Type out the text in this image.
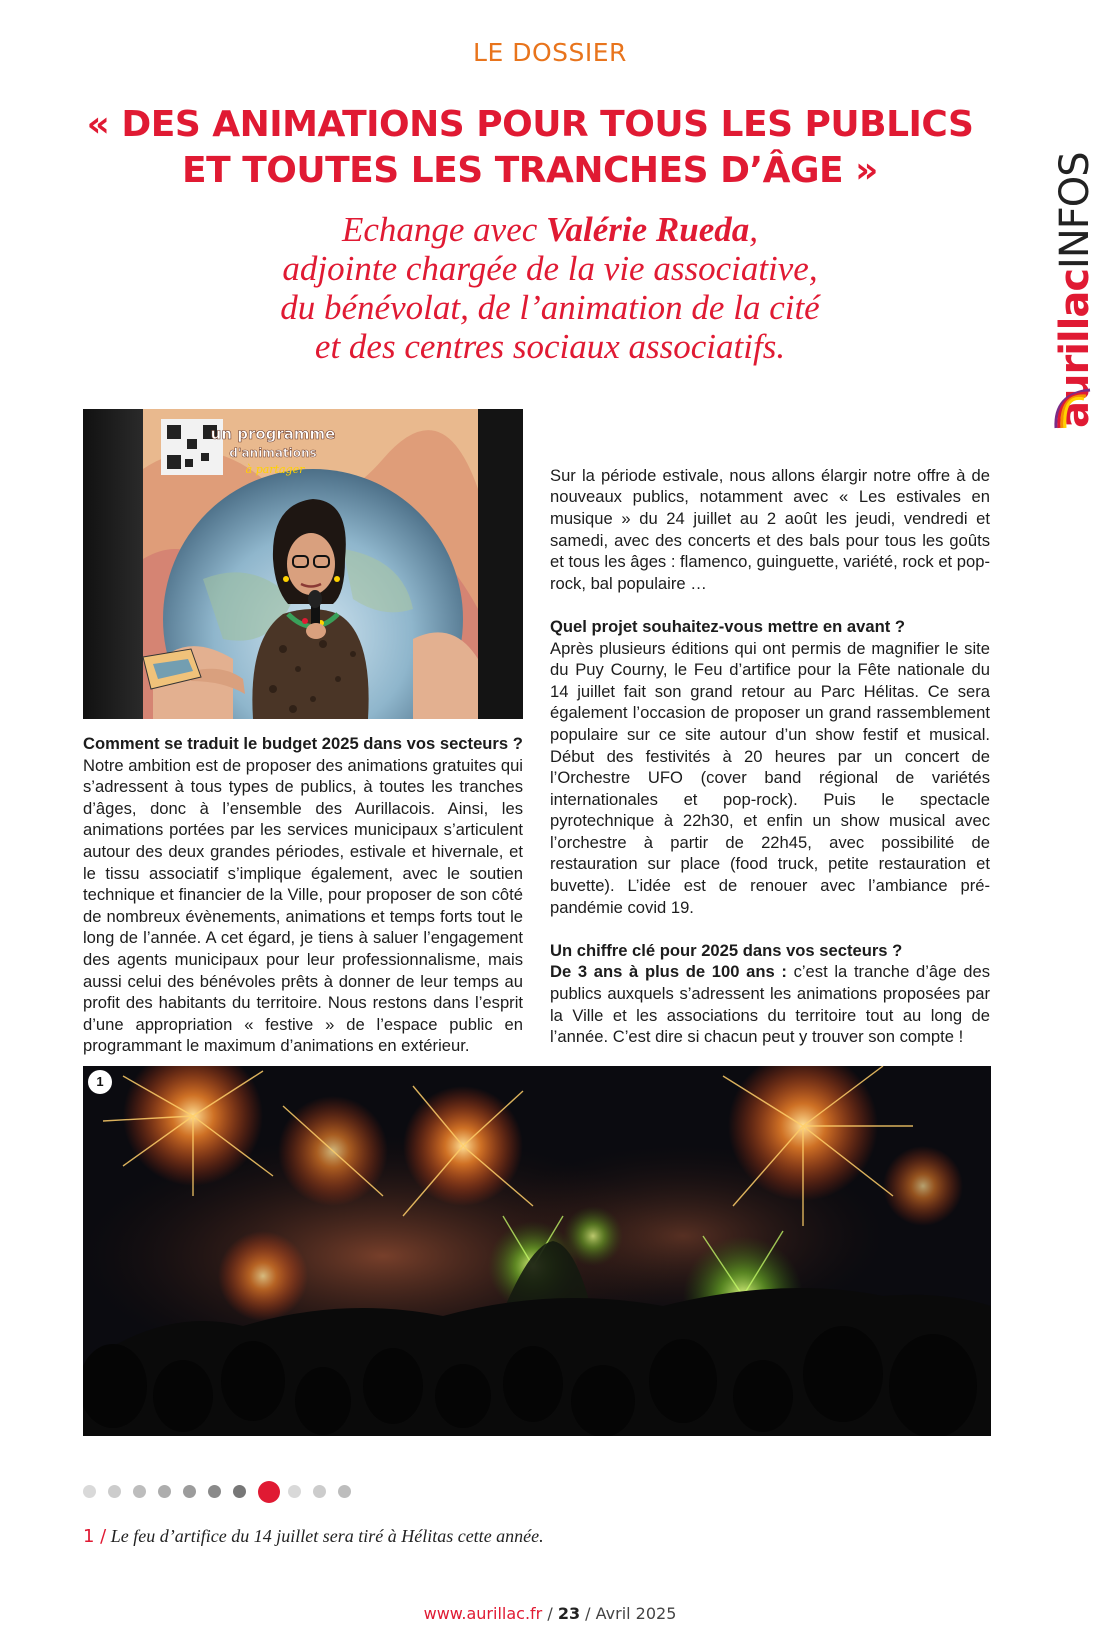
LE DOSSIER
« DES ANIMATIONS POUR TOUS LES PUBLICS
ET TOUTES LES TRANCHES D’ÂGE »
Echange avec Valérie Rueda,
adjointe chargée de la vie associative,
du bénévolat, de l’animation de la cité
et des centres sociaux associatifs.	aurillacINFOS
un programme
d'animations
à partager

Comment se traduit le budget 2025 dans vos secteurs ?

Notre ambition est de proposer des animations gratuites qui s’adressent à tous types de publics, à toutes les tranches d’âges, donc à l’ensemble des Aurillacois. Ainsi, les animations portées par les services municipaux s’articulent autour des deux grandes périodes, estivale et hivernale, et le tissu associatif s’implique également, avec le soutien technique et financier de la Ville, pour proposer de son côté de nombreux évènements, animations et temps forts tout le long de l’année. A cet égard, je tiens à saluer l’engagement des agents municipaux pour leur professionnalisme, mais aussi celui des bénévoles prêts à donner de leur temps au profit des habitants du territoire. Nous restons dans l’esprit d’une appropriation « festive » de l’espace public en programmant le maximum d’animations en extérieur.

Sur la période estivale, nous allons élargir notre offre à de nouveaux publics, notamment avec « Les estivales en musique » du 24 juillet au 2 août les jeudi, vendredi et samedi, avec des concerts et des bals pour tous les goûts et tous les âges : flamenco, guinguette, variété, rock et pop-rock, bal populaire …

Quel projet souhaitez-vous mettre en avant ?

Après plusieurs éditions qui ont permis de magnifier le site du Puy Courny, le Feu d’artifice pour la Fête nationale du 14 juillet fait son grand retour au Parc Hélitas. Ce sera également l’occasion de proposer un grand rassemblement populaire sur ce site autour d’un show festif et musical. Début des festivités à 20 heures par un concert de l’Orchestre UFO (cover band régional de variétés internationales et pop-rock). Puis le spectacle pyrotechnique à 22h30, et enfin un show musical avec l’orchestre à partir de 22h45, avec possibilité de restauration sur place (food truck, petite restauration et buvette). L’idée est de renouer avec l’ambiance pré-pandémie covid 19.

Un chiffre clé pour 2025 dans vos secteurs ?

De 3 ans à plus de 100 ans : c’est la tranche d’âge des publics auxquels s’adressent les animations proposées par la Ville et les associations du territoire tout au long de l’année. C’est dire si chacun peut y trouver son compte !

1
1 / Le feu d’artifice du 14 juillet sera tiré à Hélitas cette année.
www.aurillac.fr / 23 / Avril 2025
